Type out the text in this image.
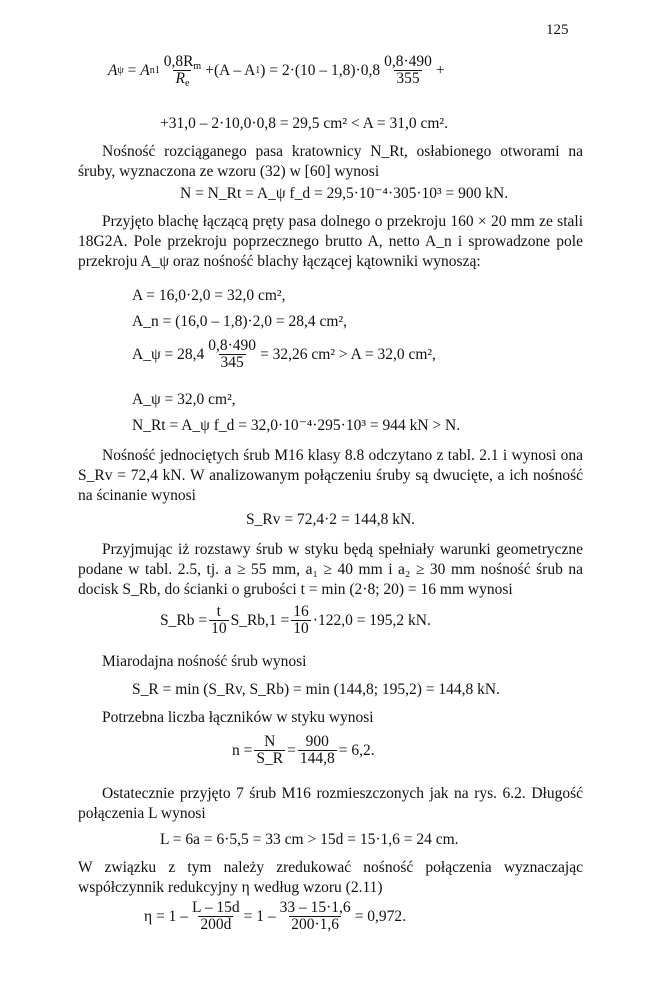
125
A ψ = A $n1 \frac{0,8R_m}{R_e} +(A - A$ 1 ) = $2\cdot(10 - 1,8)\cdot 0,8 \frac{0,8\cdot 490}{355}$ +
+31,0 – 2·10,0·0,8 = 29,5 cm² < A = 31,0 cm².
Nośność rozciąganego pasa kratownicy N_Rt, osłabionego otworami na śruby, wyznaczona ze wzoru (32) w [60] wynosi
N = N_Rt = A_ψ f_d = 29,5·10⁻⁴·305·10³ = 900 kN.
Przyjęto blachę łączącą pręty pasa dolnego o przekroju 160 × 20 mm ze stali 18G2A. Pole przekroju poprzecznego brutto A, netto A_n i sprowadzone pole przekroju A_ψ oraz nośność blachy łączącej kątowniki wynoszą:
A = 16,0·2,0 = 32,0 cm²,
A_n = (16,0 – 1,8)·2,0 = 28,4 cm²,
A_ψ = $28,4 \frac{0,8\cdot 490}{345} = 32,26$ cm² > A = 32,0 cm²,
A_ψ = 32,0 cm²,
N_Rt = A_ψ f_d = 32,0·10⁻⁴·295·10³ = 944 kN > N.
Nośność jednociętych śrub M16 klasy 8.8 odczytano z tabl. 2.1 i wynosi ona S_Rv = 72,4 kN. W analizowanym połączeniu śruby są dwucięte, a ich nośność na ścinanie wynosi
S_Rv = 72,4·2 = 144,8 kN.
Przyjmując iż rozstawy śrub w styku będą spełniały warunki geometryczne podane w tabl. 2.5, tj. a ≥ 55 mm, a₁ ≥ 40 mm i a₂ ≥ 30 mm nośność śrub na docisk S_Rb, do ścianki o grubości t = min (2·8; 20) = 16 mm wynosi
S_Rb = $\frac{t}{10}$ S_Rb,1 = $\frac{16}{10} \cdot 122,0 = 195,2$ kN.
Miarodajna nośność śrub wynosi
S_R = min (S_Rv, S_Rb) = min (144,8; 195,2) = 144,8 kN.
Potrzebna liczba łączników w styku wynosi
$n = \frac{N}{S\_R} = \frac{900}{144,8} = 6,2$.
Ostatecznie przyjęto 7 śrub M16 rozmieszczonych jak na rys. 6.2. Długość połączenia L wynosi
L = 6a = 6·5,5 = 33 cm > 15d = 15·1,6 = 24 cm.
W związku z tym należy zredukować nośność połączenia wyznaczając współczynnik redukcyjny η według wzoru (2.11)
$\eta = 1 - \frac{L - 15d}{200d} = 1 - \frac{33 - 15\cdot 1,6}{200\cdot 1,6} = 0,972$.
